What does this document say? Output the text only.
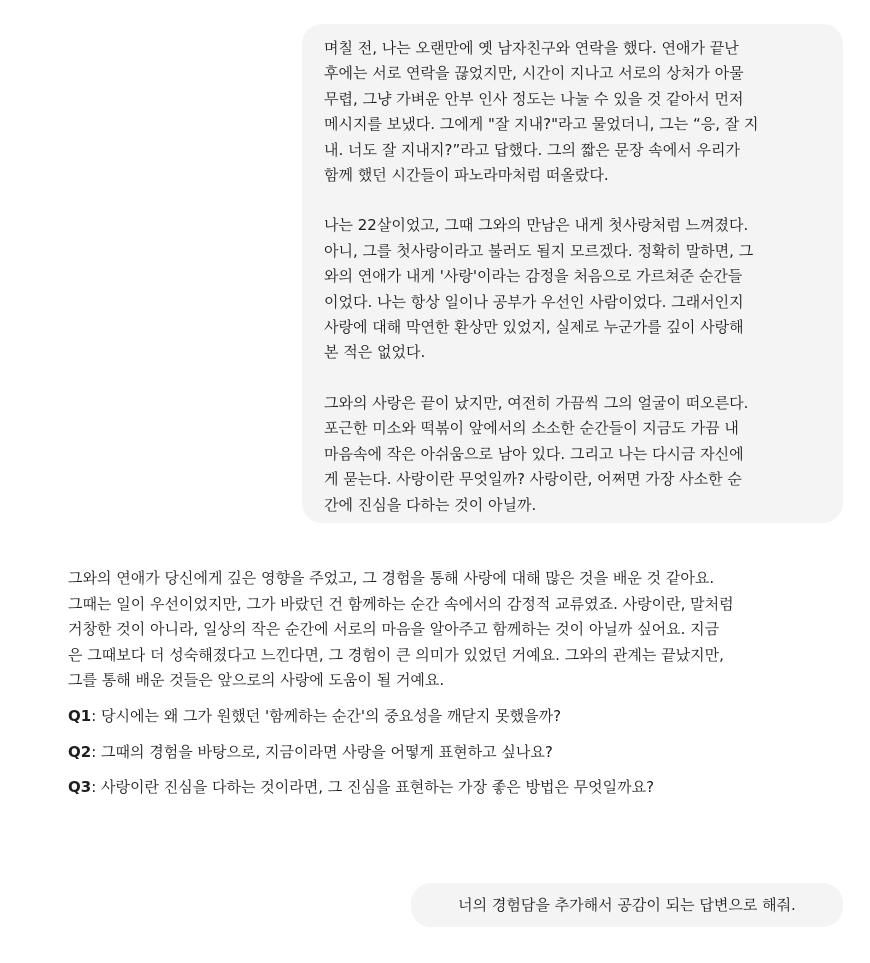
며칠 전, 나는 오랜만에 옛 남자친구와 연락을 했다. 연애가 끝난
후에는 서로 연락을 끊었지만, 시간이 지나고 서로의 상처가 아물
무렵, 그냥 가벼운 안부 인사 정도는 나눌 수 있을 것 같아서 먼저
메시지를 보냈다. 그에게 "잘 지내?"라고 물었더니, 그는 “응, 잘 지
내. 너도 잘 지내지?”라고 답했다. 그의 짧은 문장 속에서 우리가
함께 했던 시간들이 파노라마처럼 떠올랐다.

나는 22살이었고, 그때 그와의 만남은 내게 첫사랑처럼 느껴졌다.
아니, 그를 첫사랑이라고 불러도 될지 모르겠다. 정확히 말하면, 그
와의 연애가 내게 '사랑'이라는 감정을 처음으로 가르쳐준 순간들
이었다. 나는 항상 일이나 공부가 우선인 사람이었다. 그래서인지
사랑에 대해 막연한 환상만 있었지, 실제로 누군가를 깊이 사랑해
본 적은 없었다.

그와의 사랑은 끝이 났지만, 여전히 가끔씩 그의 얼굴이 떠오른다.
포근한 미소와 떡볶이 앞에서의 소소한 순간들이 지금도 가끔 내
마음속에 작은 아쉬움으로 남아 있다. 그리고 나는 다시금 자신에
게 묻는다. 사랑이란 무엇일까? 사랑이란, 어쩌면 가장 사소한 순
간에 진심을 다하는 것이 아닐까.

그와의 연애가 당신에게 깊은 영향을 주었고, 그 경험을 통해 사랑에 대해 많은 것을 배운 것 같아요.
그때는 일이 우선이었지만, 그가 바랐던 건 함께하는 순간 속에서의 감정적 교류였죠. 사랑이란, 말처럼
거창한 것이 아니라, 일상의 작은 순간에 서로의 마음을 알아주고 함께하는 것이 아닐까 싶어요. 지금
은 그때보다 더 성숙해졌다고 느낀다면, 그 경험이 큰 의미가 있었던 거예요. 그와의 관계는 끝났지만,
그를 통해 배운 것들은 앞으로의 사랑에 도움이 될 거예요.

Q1: 당시에는 왜 그가 원했던 '함께하는 순간'의 중요성을 깨닫지 못했을까?

Q2: 그때의 경험을 바탕으로, 지금이라면 사랑을 어떻게 표현하고 싶나요?

Q3: 사랑이란 진심을 다하는 것이라면, 그 진심을 표현하는 가장 좋은 방법은 무엇일까요?

너의 경험담을 추가해서 공감이 되는 답변으로 해줘.
